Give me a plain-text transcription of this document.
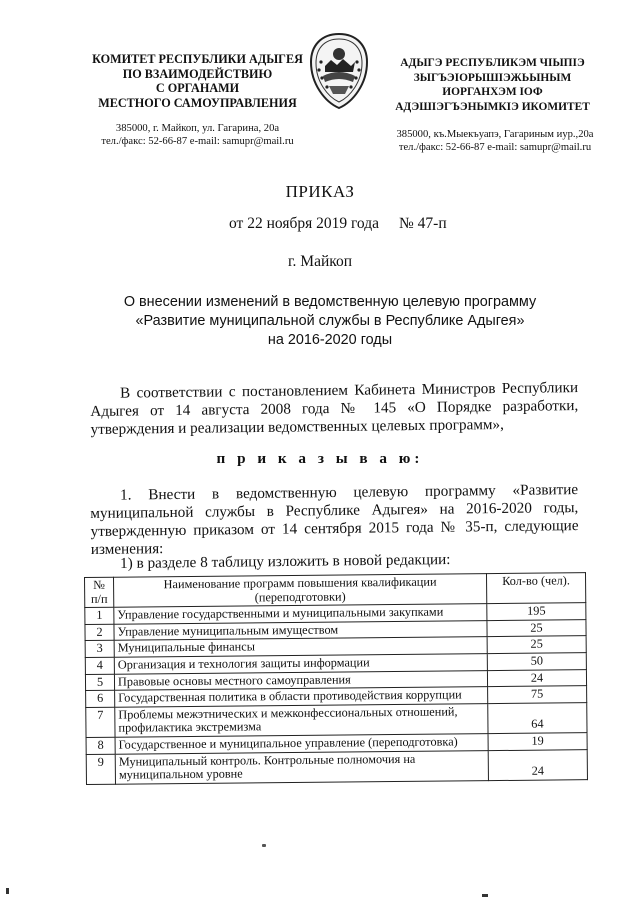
КОМИТЕТ РЕСПУБЛИКИ АДЫГЕЯ
ПО ВЗАИМОДЕЙСТВИЮ
С ОРГАНАМИ
МЕСТНОГО САМОУПРАВЛЕНИЯ
385000, г. Майкоп, ул. Гагарина, 20а
тел./факс: 52-66-87 e-mail: samupr@mail.ru
АДЫГЭ РЕСПУБЛИКЭМ ЧIЫПIЭ
ЗЫГЪЭIОРЫШIЭЖЬЫНЫМ
ИОРГАНХЭМ IОФ
АДЭШIЭГЪЭНЫМКIЭ ИКОМИТЕТ
385000, къ.Мыекъуапэ, Гагариным иур.,20а
тел./факс: 52-66-87 e-mail: samupr@mail.ru
ПРИКАЗ
от 22 ноября 2019 года № 47-п
г. Майкоп
О внесении изменений в ведомственную целевую программу
«Развитие муниципальной службы в Республике Адыгея»
на 2016-2020 годы
В соответствии с постановлением Кабинета Министров Республики Адыгея от 14 августа 2008 года № 145 «О Порядке разработки, утверждения и реализации ведомственных целевых программ»,
п р и к а з ы в а ю:
1. Внести в ведомственную целевую программу «Развитие муниципальной службы в Республике Адыгея» на 2016-2020 годы, утвержденную приказом от 14 сентября 2015 года № 35-п, следующие изменения:
1) в разделе 8 таблицу изложить в новой редакции:
№ п/п	Наименование программ повышения квалификации (переподготовки)	Кол-во (чел).
1	Управление государственными и муниципальными закупками	195
2	Управление муниципальным имуществом	25
3	Муниципальные финансы	25
4	Организация и технология защиты информации	50
5	Правовые основы местного самоуправления	24
6	Государственная политика в области противодействия коррупции	75
7	Проблемы межэтнических и межконфессиональных отношений, профилактика экстремизма	64
8	Государственное и муниципальное управление (переподготовка)	19
9	Муниципальный контроль. Контрольные полномочия на муниципальном уровне	24
